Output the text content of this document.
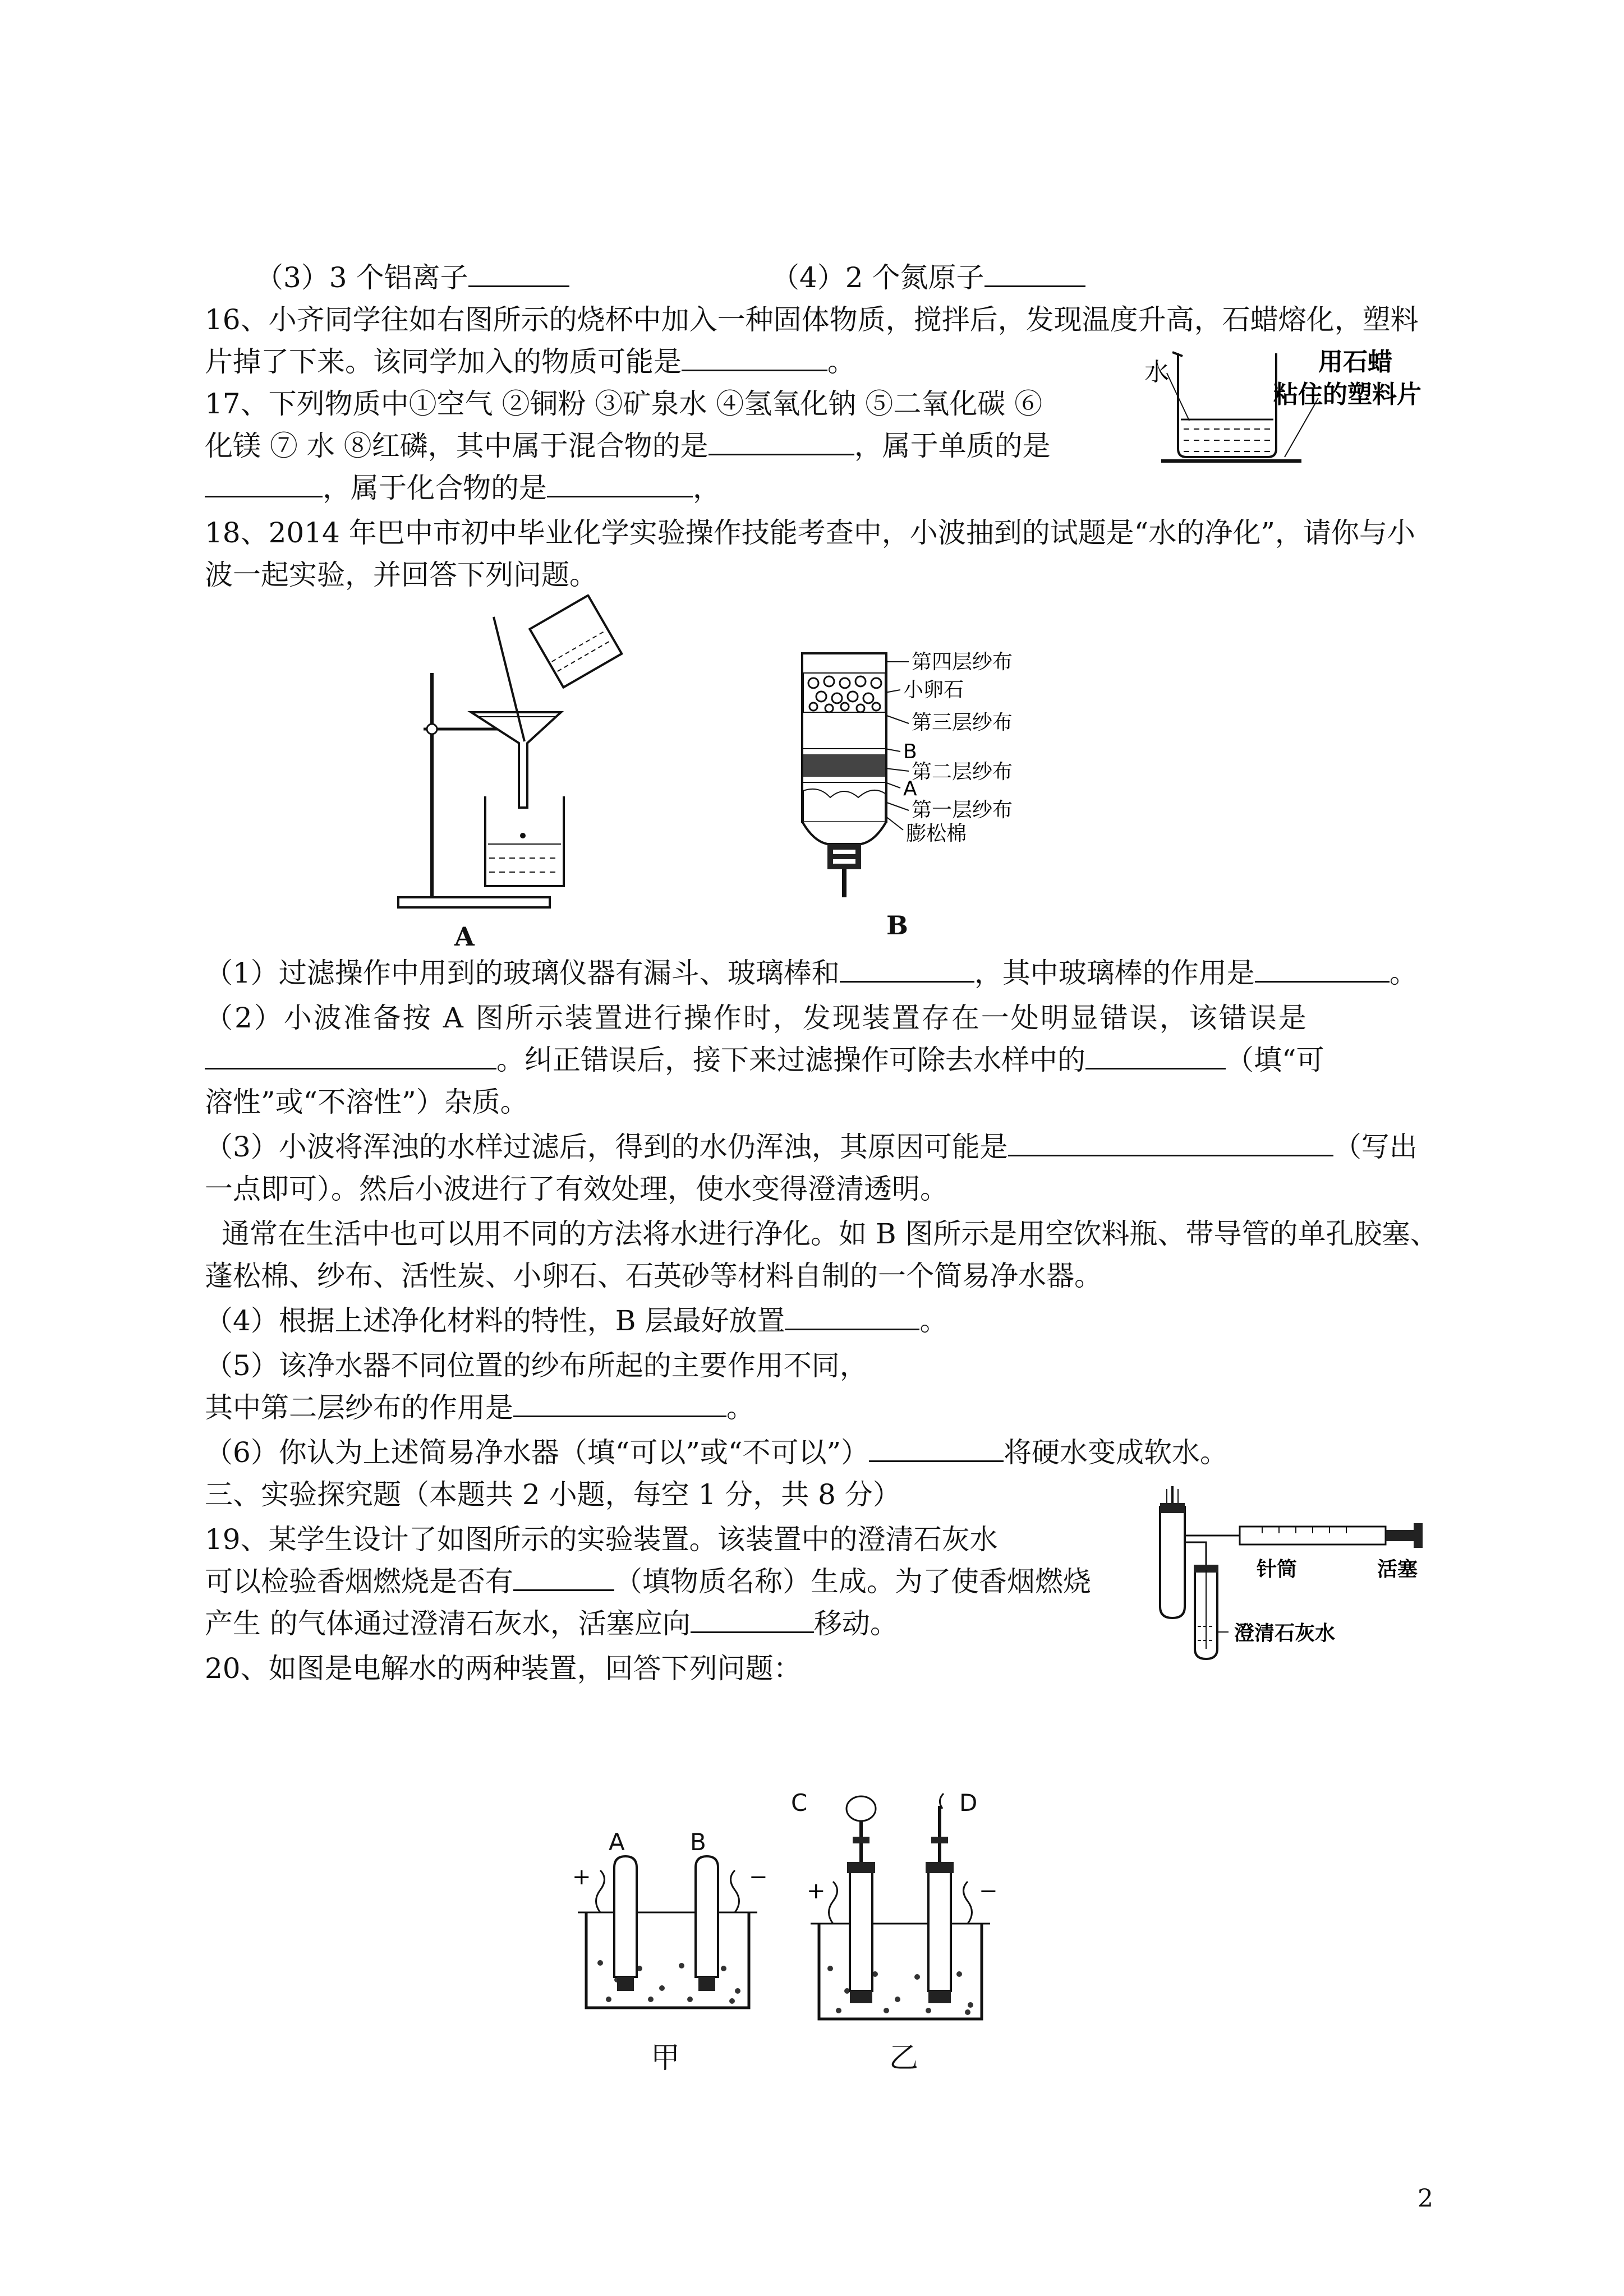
（3）3 个铝离子	（4）2 个氮原子
16、小齐同学往如右图所示的烧杯中加入一种固体物质，搅拌后，发现温度升高，石蜡熔化，塑料
片掉了下来。该同学加入的物质可能是	。
17、下列物质中①空气 ②铜粉 ③矿泉水 ④氢氧化钠 ⑤二氧化碳 ⑥
化镁 ⑦ 水 ⑧红磷，其中属于混合物的是	，属于单质的是
，属于化合物的是	，
水	用石蜡
粘住的塑料片
18、2014 年巴中市初中毕业化学实验操作技能考查中，小波抽到的试题是“水的净化”，请你与小
波一起实验，并回答下列问题。
A
第四层纱布
小卵石
第三层纱布
B
第二层纱布
A
第一层纱布
膨松棉
B
（1）过滤操作中用到的玻璃仪器有漏斗、玻璃棒和	，其中玻璃棒的作用是	。
（2）小波准备按 A 图所示装置进行操作时，发现装置存在一处明显错误，该错误是
。纠正错误后，接下来过滤操作可除去水样中的	（填“可
溶性”或“不溶性”）杂质。
（3）小波将浑浊的水样过滤后，得到的水仍浑浊，其原因可能是	（写出
一点即可）。然后小波进行了有效处理，使水变得澄清透明。
通常在生活中也可以用不同的方法将水进行净化。如 B 图所示是用空饮料瓶、带导管的单孔胶塞、
蓬松棉、纱布、活性炭、小卵石、石英砂等材料自制的一个简易净水器。
（4）根据上述净化材料的特性，B 层最好放置	。
（5）该净水器不同位置的纱布所起的主要作用不同，
其中第二层纱布的作用是	。
（6）你认为上述简易净水器（填“可以”或“不可以”）	将硬水变成软水。
三、实验探究题（本题共 2 小题，每空 1 分，共 8 分）
19、某学生设计了如图所示的实验装置。该装置中的澄清石灰水
可以检验香烟燃烧是否有	（填物质名称）生成。为了使香烟燃烧
产生 的气体通过澄清石灰水，活塞应向	移动。
针筒	活塞
澄清石灰水
20、如图是电解水的两种装置，回答下列问题：
+	−
A	B
甲
+	−
C	D
乙
2
